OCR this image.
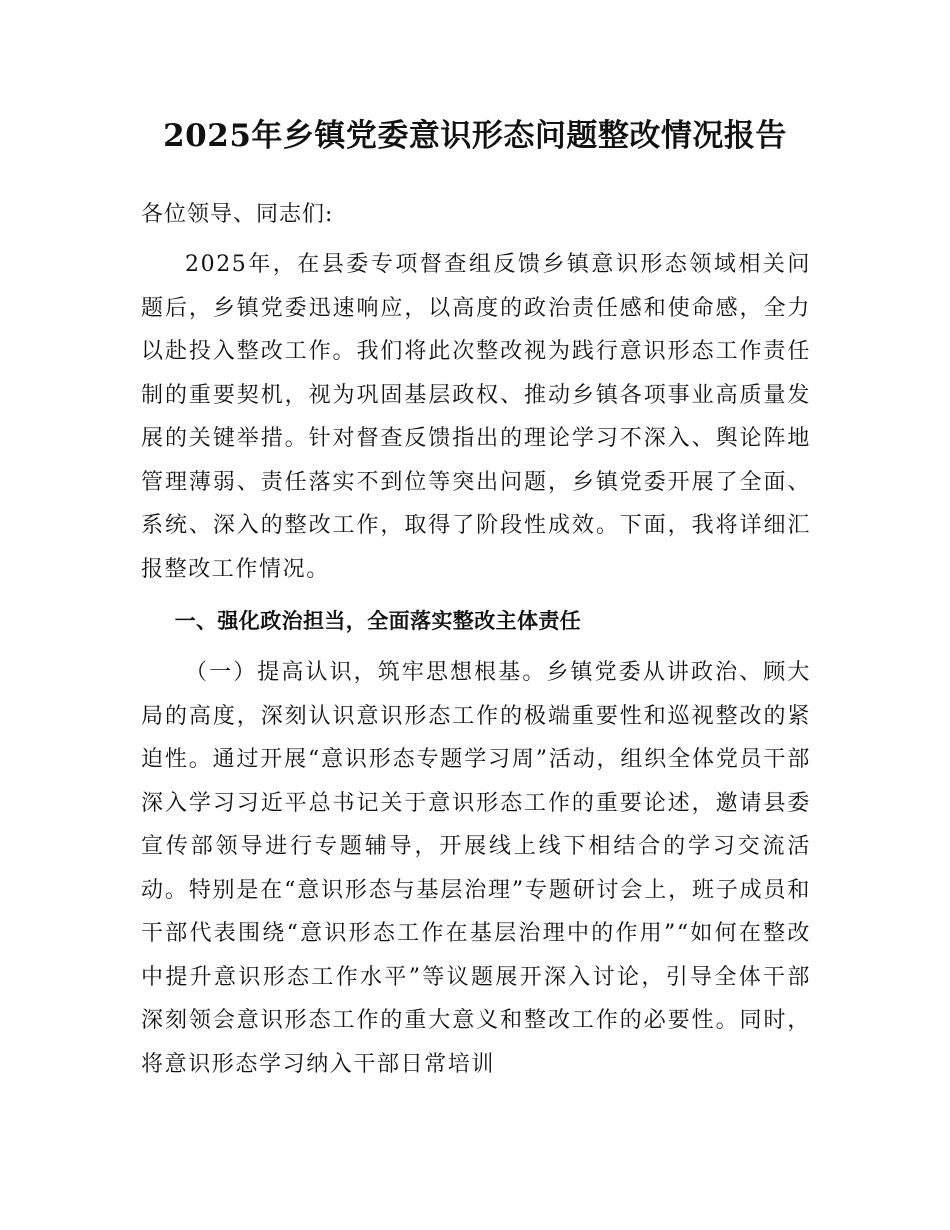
2025年乡镇党委意识形态问题整改情况报告

各位领导、同志们:

2025年，在县委专项督查组反馈乡镇意识形态领域相关问题后，乡镇党委迅速响应，以高度的政治责任感和使命感，全力以赴投入整改工作。我们将此次整改视为践行意识形态工作责任制的重要契机，视为巩固基层政权、推动乡镇各项事业高质量发展的关键举措。针对督查反馈指出的理论学习不深入、舆论阵地管理薄弱、责任落实不到位等突出问题，乡镇党委开展了全面、系统、深入的整改工作，取得了阶段性成效。下面，我将详细汇报整改工作情况。

一、强化政治担当，全面落实整改主体责任

（一）提高认识，筑牢思想根基。乡镇党委从讲政治、顾大局的高度，深刻认识意识形态工作的极端重要性和巡视整改的紧迫性。通过开展“意识形态专题学习周”活动，组织全体党员干部深入学习习近平总书记关于意识形态工作的重要论述，邀请县委宣传部领导进行专题辅导，开展线上线下相结合的学习交流活动。特别是在“意识形态与基层治理”专题研讨会上，班子成员和干部代表围绕“意识形态工作在基层治理中的作用”“如何在整改中提升意识形态工作水平”等议题展开深入讨论，引导全体干部深刻领会意识形态工作的重大意义和整改工作的必要性。同时，将意识形态学习纳入干部日常培训
